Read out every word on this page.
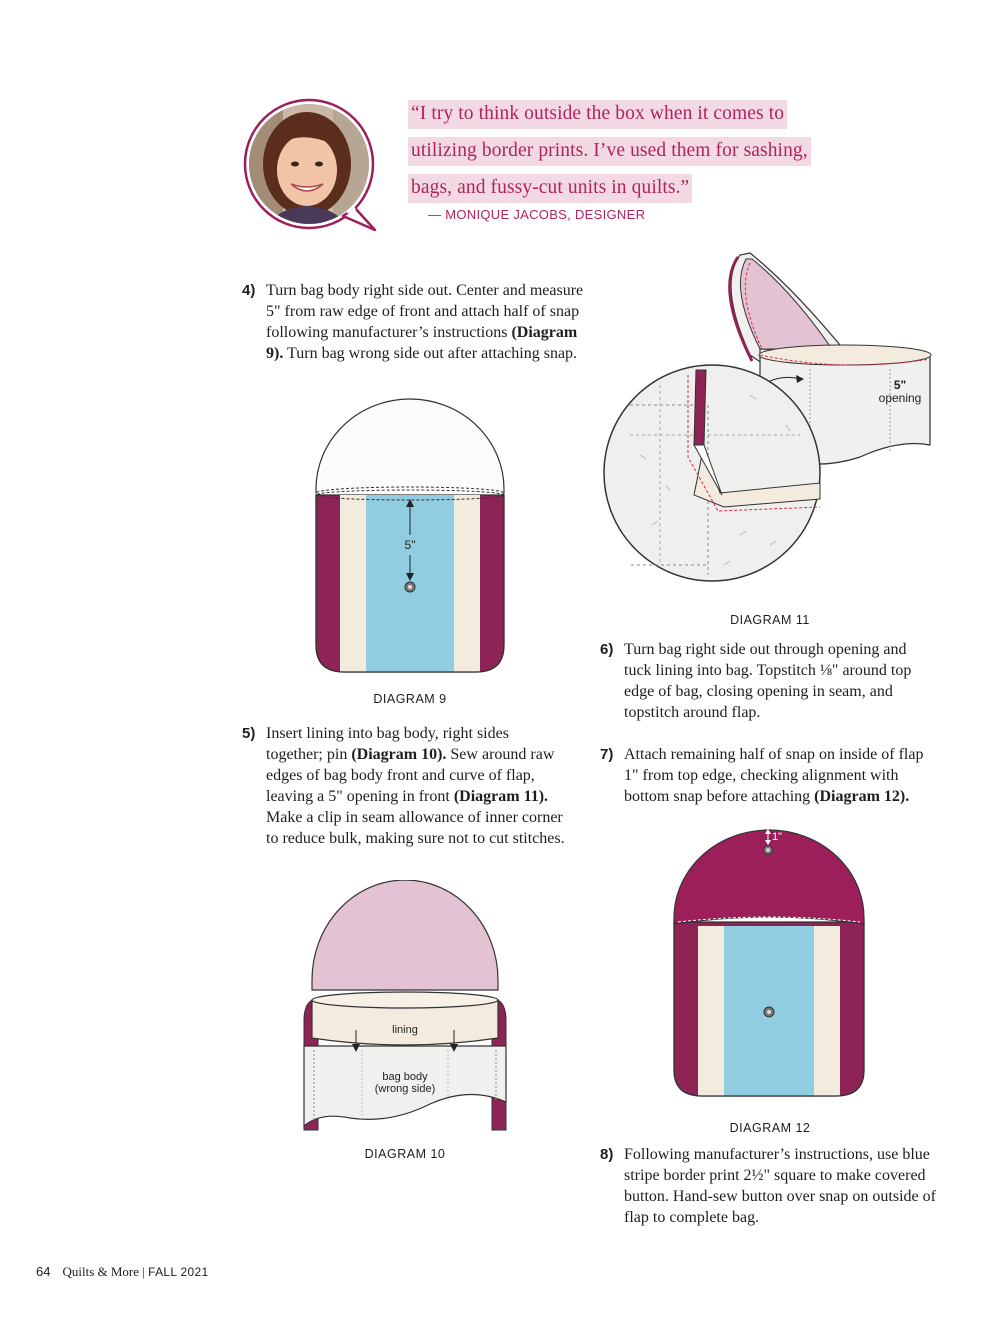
“I try to think outside the box when it comes to
utilizing border prints. I’ve used them for sashing,
bags, and fussy-cut units in quilts.”
— MONIQUE JACOBS, DESIGNER
4) Turn bag body right side out. Center and measure 5" from raw edge of front and attach half of snap following manufacturer’s instructions (Diagram 9). Turn bag wrong side out after attaching snap.

5"
DIAGRAM 9
5) Insert lining into bag body, right sides together; pin (Diagram 10). Sew around raw edges of bag body front and curve of flap, leaving a 5" opening in front (Diagram 11). Make a clip in seam allowance of inner corner to reduce bulk, making sure not to cut stitches.

lining
bag body
(wrong side)
DIAGRAM 10
5"
opening
DIAGRAM 11
6) Turn bag right side out through opening and tuck lining into bag. Topstitch ⅛" around top edge of bag, closing opening in seam, and topstitch around flap.

7) Attach remaining half of snap on inside of flap 1" from top edge, checking alignment with bottom snap before attaching (Diagram 12).

1"
DIAGRAM 12
8) Following manufacturer’s instructions, use blue stripe border print 2½" square to make covered button. Hand-sew button over snap on outside of flap to complete bag.

64 Quilts & More | FALL 2021
